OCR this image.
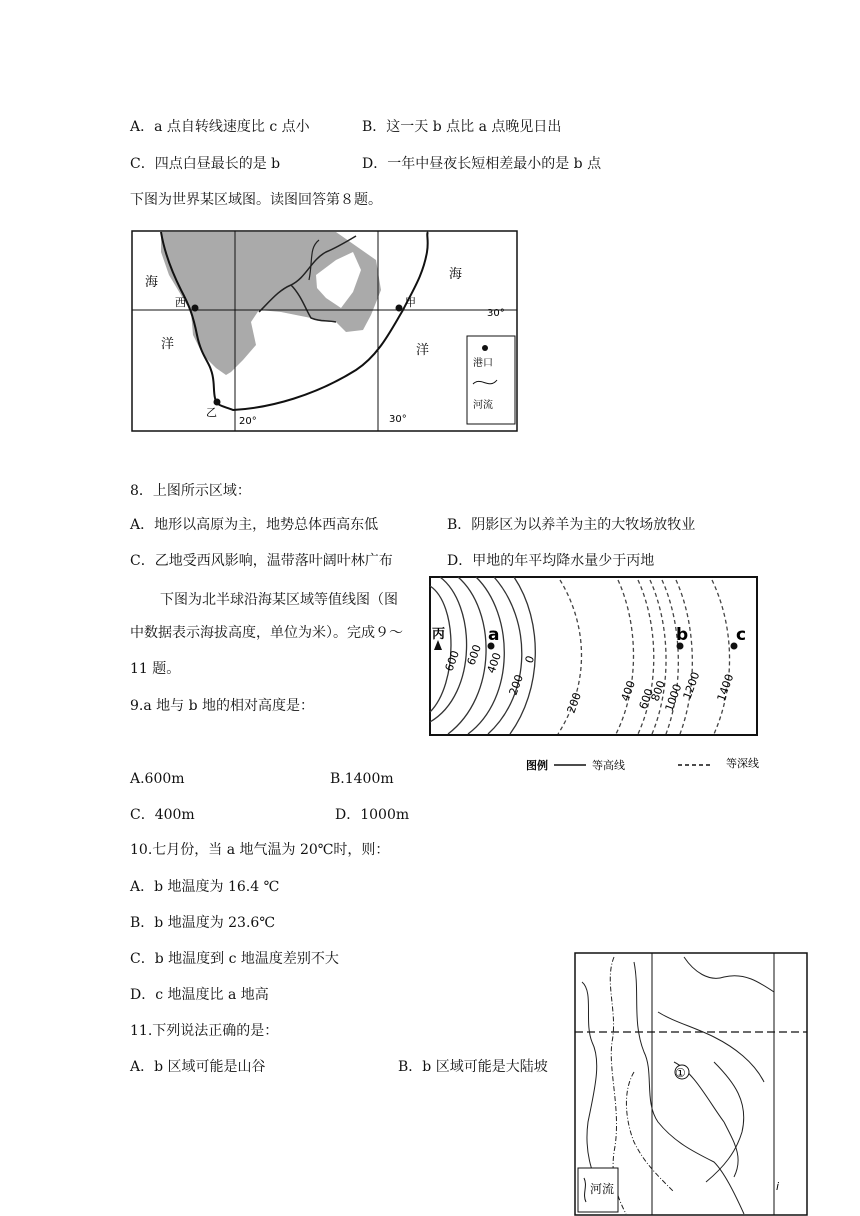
A．a 点自转线速度比 c 点小	B．这一天 b 点比 a 点晚见日出
C．四点白昼最长的是 b	D．一年中昼夜长短相差最小的是 b 点
下图为世界某区域图。读图回答第８题。
海
洋
海
洋
西	甲
乙
30°
20°	30°
港口
河流
8．上图所示区域：
A．地形以高原为主，地势总体西高东低	B．阴影区为以养羊为主的大牧场放牧业
C．乙地受西风影响，温带落叶阔叶林广布	D．甲地的年平均降水量少于丙地
下图为北半球沿海某区域等值线图（图
中数据表示海拔高度，单位为米）。完成９～
11 题。
丙	a	b	c
600 600 400
200
0
200	400
600
800
1000
1200 1400
图例	等高线	等深线
9.a 地与 b 地的相对高度是：
A.600m	B.1400m
C．400m	D．1000m
10.七月份，当 a 地气温为 20℃时，则：
A．b 地温度为 16.4 ℃
B．b 地温度为 23.6℃
C．b 地温度到 c 地温度差别不大
D．c 地温度比 a 地高
11.下列说法正确的是：
A．b 区域可能是山谷	B．b 区域可能是大陆坡	①
i
河流
